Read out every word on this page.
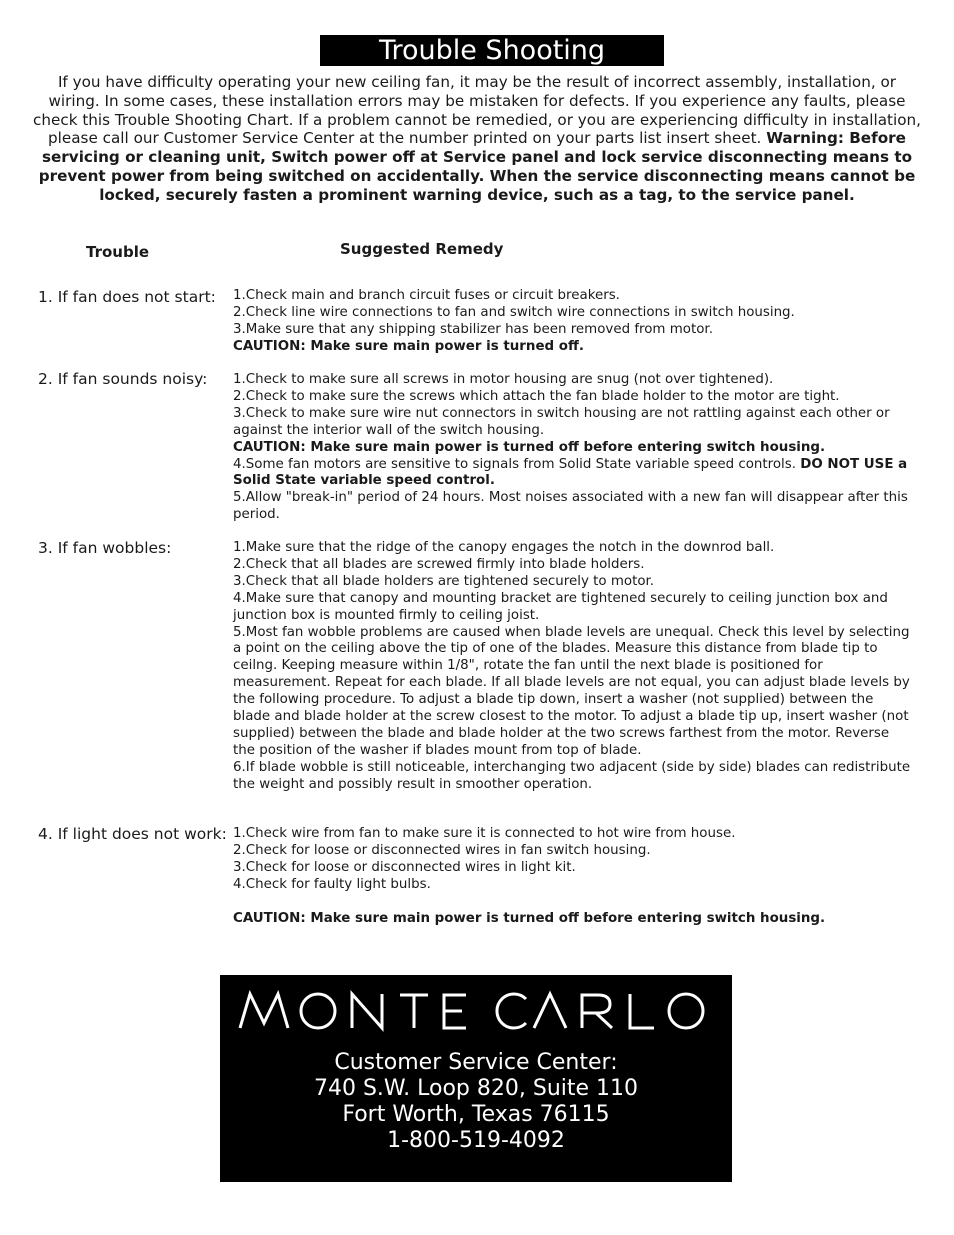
Trouble Shooting
If you have difficulty operating your new ceiling fan, it may be the result of incorrect assembly, installation, or wiring. In some cases, these installation errors may be mistaken for defects. If you experience any faults, please check this Trouble Shooting Chart. If a problem cannot be remedied, or you are experiencing difficulty in installation, please call our Customer Service Center at the number printed on your parts list insert sheet. Warning: Before servicing or cleaning unit, Switch power off at Service panel and lock service disconnecting means to prevent power from being switched on accidentally. When the service disconnecting means cannot be locked, securely fasten a prominent warning device, such as a tag, to the service panel.
Trouble	Suggested Remedy
1. If fan does not start:	1.Check main and branch circuit fuses or circuit breakers.
2.Check line wire connections to fan and switch wire connections in switch housing.
3.Make sure that any shipping stabilizer has been removed from motor.
CAUTION: Make sure main power is turned off.
2. If fan sounds noisy:	1.Check to make sure all screws in motor housing are snug (not over tightened).
2.Check to make sure the screws which attach the fan blade holder to the motor are tight.
3.Check to make sure wire nut connectors in switch housing are not rattling against each other or against the interior wall of the switch housing.
CAUTION: Make sure main power is turned off before entering switch housing.
4.Some fan motors are sensitive to signals from Solid State variable speed controls. DO NOT USE a Solid State variable speed control.
5.Allow "break-in" period of 24 hours. Most noises associated with a new fan will disappear after this period.
3. If fan wobbles:	1.Make sure that the ridge of the canopy engages the notch in the downrod ball.
2.Check that all blades are screwed firmly into blade holders.
3.Check that all blade holders are tightened securely to motor.
4.Make sure that canopy and mounting bracket are tightened securely to ceiling junction box and junction box is mounted firmly to ceiling joist.
5.Most fan wobble problems are caused when blade levels are unequal. Check this level by selecting a point on the ceiling above the tip of one of the blades. Measure this distance from blade tip to ceilng. Keeping measure within 1/8", rotate the fan until the next blade is positioned for measurement. Repeat for each blade. If all blade levels are not equal, you can adjust blade levels by the following procedure. To adjust a blade tip down, insert a washer (not supplied) between the blade and blade holder at the screw closest to the motor. To adjust a blade tip up, insert washer (not supplied) between the blade and blade holder at the two screws farthest from the motor. Reverse the position of the washer if blades mount from top of blade.
6.If blade wobble is still noticeable, interchanging two adjacent (side by side) blades can redistribute the weight and possibly result in smoother operation.
4. If light does not work: 1.Check wire from fan to make sure it is connected to hot wire from house.
2.Check for loose or disconnected wires in fan switch housing.
3.Check for loose or disconnected wires in light kit.
4.Check for faulty light bulbs.

CAUTION: Make sure main power is turned off before entering switch housing.
Customer Service Center:
740 S.W. Loop 820, Suite 110
Fort Worth, Texas 76115
1-800-519-4092
